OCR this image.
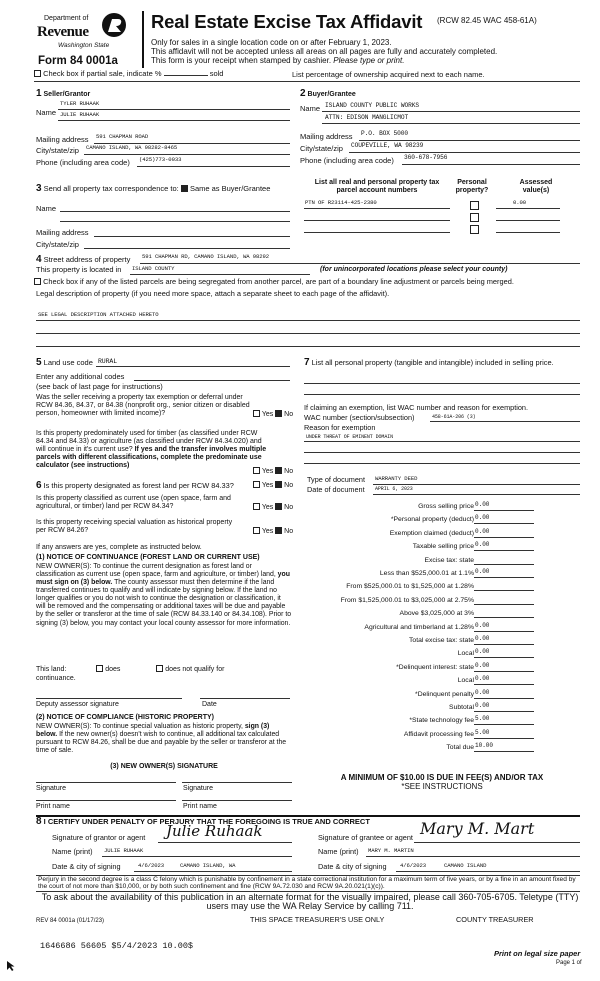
Department of
Revenue
Washington State
Form 84 0001a
Real Estate Excise Tax Affidavit (RCW 82.45 WAC 458-61A)
Only for sales in a single location code on or after February 1, 2023.
This affidavit will not be accepted unless all areas on all pages are fully and accurately completed.
This form is your receipt when stamped by cashier. Please type or print.
Check box if partial sale, indicate %	sold	List percentage of ownership acquired next to each name.
1 Seller/Grantor
Name
TYLER RUHAAK
JULIE RUHAAK
Mailing address 591 CHAPMAN ROAD
City/state/zip CAMANO ISLAND, WA 98282-8465
Phone (including area code) (425)773-0033
2 Buyer/Grantee
Name ISLAND COUNTY PUBLIC WORKS
ATTN: EDISON MANGLICMOT
Mailing address P.O. BOX 5000
City/state/zip COUPEVILLE, WA 98239
Phone (including area code) 360-678-7956
3 Send all property tax correspondence to: Same as Buyer/Grantee
Name
Mailing address
City/state/zip
List all real and personal property tax parcel account numbers
Personal property?
Assessed value(s)
PTN OF R23114-425-2380	0.00
4 Street address of property 591 CHAPMAN RD, CAMANO ISLAND, WA 98292
This property is located in ISLAND COUNTY	(for unincorporated locations please select your county)
Check box if any of the listed parcels are being segregated from another parcel, are part of a boundary line adjustment or parcels being merged.
Legal description of property (if you need more space, attach a separate sheet to each page of the affidavit).
SEE LEGAL DESCRIPTION ATTACHED HERETO
5 Land use code RURAL
Enter any additional codes
(see back of last page for instructions)
Was the seller receiving a property tax exemption or deferral under RCW 84.36, 84.37, or 84.38 (nonprofit org., senior citizen or disabled person, homeowner with limited income)?	Yes No
Is this property predominately used for timber (as classified under RCW 84.34 and 84.33) or agriculture (as classified under RCW 84.34.020) and will continue in it's current use? If yes and the transfer involves multiple parcels with different classifications, complete the predominate use calculator (see instructions)
Yes No
6 Is this property designated as forest land per RCW 84.33?	Yes No
Is this property classified as current use (open space, farm and agricultural, or timber) land per RCW 84.34?	Yes No
Is this property receiving special valuation as historical property per RCW 84.26?	Yes No
If any answers are yes, complete as instructed below.
(1) NOTICE OF CONTINUANCE (FOREST LAND OR CURRENT USE)
NEW OWNER(S): To continue the current designation as forest land or classification as current use (open space, farm and agriculture, or timber) land, you must sign on (3) below. The county assessor must then determine if the land transferred continues to qualify and will indicate by signing below. If the land no longer qualifies or you do not wish to continue the designation or classification, it will be removed and the compensating or additional taxes will be due and payable by the seller or transferor at the time of sale (RCW 84.33.140 or 84.34.108). Prior to signing (3) below, you may contact your local county assessor for more information.
This land:	does	does not qualify for
continuance.
Deputy assessor signature	Date
(2) NOTICE OF COMPLIANCE (HISTORIC PROPERTY)
NEW OWNER(S): To continue special valuation as historic property, sign (3) below. If the new owner(s) doesn't wish to continue, all additional tax calculated pursuant to RCW 84.26, shall be due and payable by the seller or transferor at the time of sale.
(3) NEW OWNER(S) SIGNATURE
Signature	Signature
Print name	Print name
7 List all personal property (tangible and intangible) included in selling price.
If claiming an exemption, list WAC number and reason for exemption.
WAC number (section/subsection)	458-61A-206 (3)
Reason for exemption
UNDER THREAT OF EMINENT DOMAIN
Type of document WARRANTY DEED
Date of document APRIL 6, 2023
Gross selling price 0.00
*Personal property (deduct) 0.00
Exemption claimed (deduct) 0.00
Taxable selling price 0.00
Excise tax: state
Less than $525,000.01 at 1.1% 0.00
From $525,000.01 to $1,525,000 at 1.28%
From $1,525,000.01 to $3,025,000 at 2.75%
Above $3,025,000 at 3%
Agricultural and timberland at 1.28% 0.00
Total excise tax: state 0.00
Local 0.00
*Delinquent interest: state 0.00
Local 0.00
*Delinquent penalty 0.00
Subtotal 0.00
*State technology fee 5.00
Affidavit processing fee 5.00
Total due 10.00
A MINIMUM OF $10.00 IS DUE IN FEE(S) AND/OR TAX
*SEE INSTRUCTIONS
8 I CERTIFY UNDER PENALTY OF PERJURY THAT THE FOREGOING IS TRUE AND CORRECT
Signature of grantor or agent Julie Ruhaak
Name (print) JULIE RUHAAK
Date & city of signing	4/6/2023	CAMANO ISLAND, WA
Signature of grantee or agent Mary M. Mart
Name (print) MARY M. MARTIN
Date & city of signing 4/6/2023	CAMANO ISLAND
Perjury in the second degree is a class C felony which is punishable by confinement in a state correctional institution for a maximum term of five years, or by a fine in an amount fixed by the court of not more than $10,000, or by both such confinement and fine (RCW 9A.72.030 and RCW 9A.20.021(1)(c)).
To ask about the availability of this publication in an alternate format for the visually impaired, please call 360-705-6705. Teletype (TTY) users may use the WA Relay Service by calling 711.
REV 84 0001a (01/17/23)	THIS SPACE TREASURER'S USE ONLY	COUNTY TREASURER
1646686 56605 $5/4/2023 10.00$
Print on legal size paper
Page 1 of
